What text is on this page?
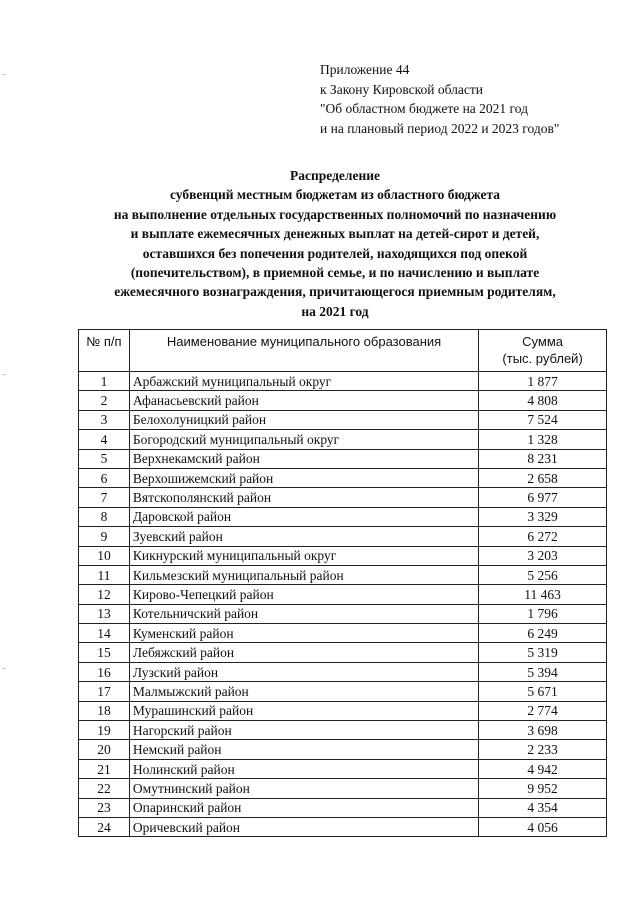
Приложение 44
к Закону Кировской области
"Об областном бюджете на 2021 год
и на плановый период 2022 и 2023 годов"
Распределение
субвенций местным бюджетам из областного бюджета
на выполнение отдельных государственных полномочий по назначению
и выплате ежемесячных денежных выплат на детей-сирот и детей,
оставшихся без попечения родителей, находящихся под опекой
(попечительством), в приемной семье, и по начислению и выплате
ежемесячного вознаграждения, причитающегося приемным родителям,
на 2021 год
№ п/п	Наименование муниципального образования	Сумма
(тыс. рублей)

1	Арбажский муниципальный округ	1 877
2	Афанасьевский район	4 808
3	Белохолуницкий район	7 524
4	Богородский муниципальный округ	1 328
5	Верхнекамский район	8 231
6	Верхошижемский район	2 658
7	Вятскополянский район	6 977
8	Даровской район	3 329
9	Зуевский район	6 272
10	Кикнурский муниципальный округ	3 203
11	Кильмезский муниципальный район	5 256
12	Кирово-Чепецкий район	11 463
13	Котельничский район	1 796
14	Куменский район	6 249
15	Лебяжский район	5 319
16	Лузский район	5 394
17	Малмыжский район	5 671
18	Мурашинский район	2 774
19	Нагорский район	3 698
20	Немский район	2 233
21	Нолинский район	4 942
22	Омутнинский район	9 952
23	Опаринский район	4 354
24	Оричевский район	4 056
